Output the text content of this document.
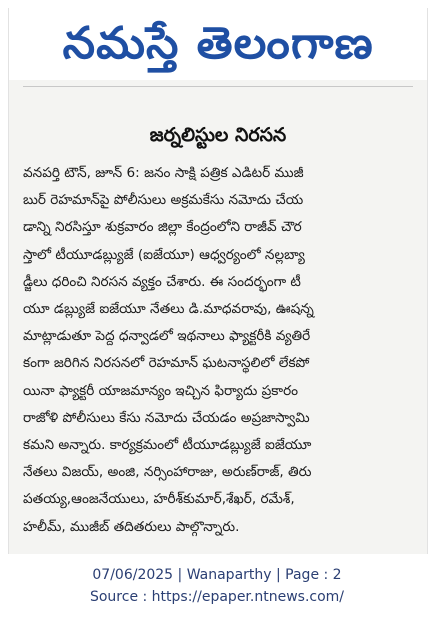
నమస్తే తెలంగాణ
జర్నలిస్టుల నిరసన
వనపర్తి టౌన్, జూన్ 6: జనం సాక్షి పత్రిక ఎడిటర్ ముజీ
బుర్ రెహమాన్‌పై పోలీసులు అక్రమకేసు నమోదు చేయ
డాన్ని నిరసిస్తూ శుక్రవారం జిల్లా కేంద్రంలోని రాజీవ్ చౌర
స్తాలో టీయూడబ్ల్యుజే (ఐజేయూ) ఆధ్వర్యంలో నల్లబ్యా
డ్జీలు ధరించి నిరసన వ్యక్తం చేశారు. ఈ సందర్భంగా టీ
యూ డబ్ల్యుజే ఐజేయూ నేతలు డి.మాధవరావు, ఊషన్న
మాట్లాడుతూ పెద్ద ధన్వాడలో ఇథనాలు ఫ్యాక్టరీకి వ్యతిరే
కంగా జరిగిన నిరసనలో రెహమాన్ ఘటనాస్థలిలో లేకపో
యినా ఫ్యాక్టరీ యాజమాన్యం ఇచ్చిన ఫిర్యాదు ప్రకారం
రాజోళి పోలీసులు కేసు నమోదు చేయడం అప్రజాస్వామి
కమని అన్నారు. కార్యక్రమంలో టీయూడబ్ల్యుజే ఐజేయూ
నేతలు విజయ్, అంజి, నర్సింహారాజు, అరుణ్‌రాజ్, తిరు
పతయ్య,ఆంజనేయులు, హరీశ్‌కుమార్,శేఖర్, రమేశ్,
హలీమ్, ముజీబ్ తదితరులు పాల్గొన్నారు.
07/06/2025 | Wanaparthy | Page : 2
Source : https://epaper.ntnews.com/
